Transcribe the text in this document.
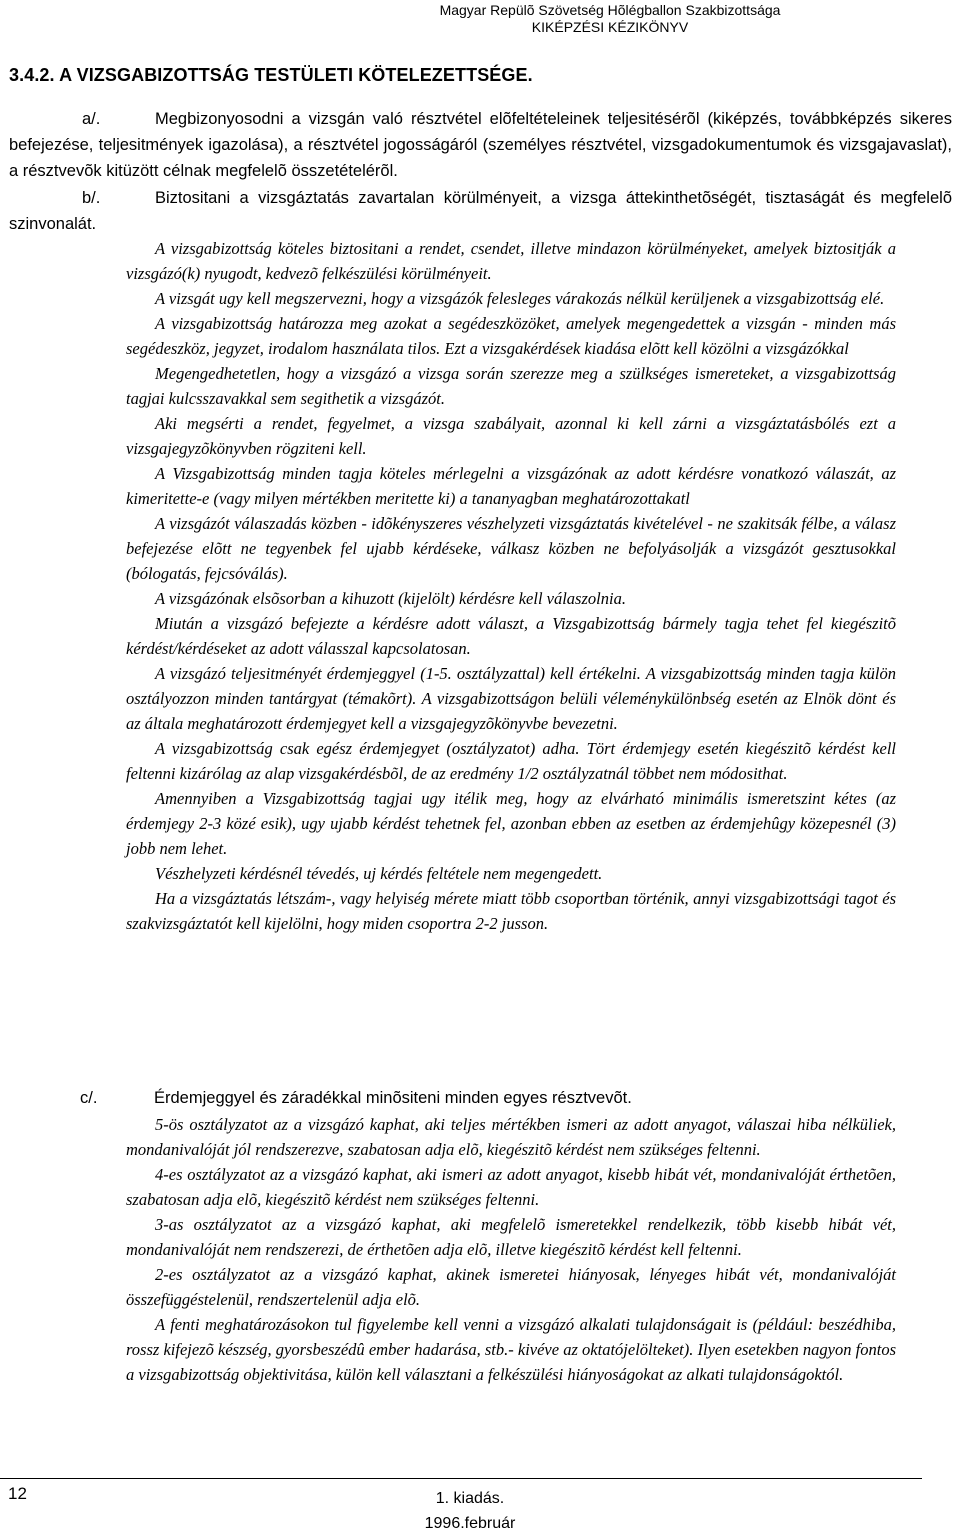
Magyar Repülõ Szövetség Hõlégballon Szakbizottsága
KIKÉPZÉSI KÉZIKÖNYV
3.4.2. A VIZSGABIZOTTSÁG TESTÜLETI KÖTELEZETTSÉGE.
a/.	Megbizonyosodni a vizsgán való résztvétel elõfeltételeinek teljesitésérõl (kiképzés, továbbképzés sikeres befejezése, teljesitmények igazolása), a résztvétel jogosságáról (személyes résztvétel, vizsgadokumentumok és vizsgajavaslat), a résztvevõk kitüzött célnak megfelelõ összetételérõl.
b/.	Biztositani a vizsgáztatás zavartalan körülményeit, a vizsga áttekinthetõségét, tisztaságát és megfelelõ szinvonalát.

A vizsgabizottság köteles biztositani a rendet, csendet, illetve mindazon körülményeket, amelyek biztositják a vizsgázó(k) nyugodt, kedvezõ felkészülési körülményeit.

A vizsgát ugy kell megszervezni, hogy a vizsgázók felesleges várakozás nélkül kerüljenek a vizsgabizottság elé.

A vizsgabizottság határozza meg azokat a segédeszközöket, amelyek megengedettek a vizsgán - minden más segédeszköz, jegyzet, irodalom használata tilos. Ezt a vizsgakérdések kiadása elõtt kell közölni a vizsgázókkal

Megengedhetetlen, hogy a vizsgázó a vizsga során szerezze meg a szülkséges ismereteket, a vizsgabizottság tagjai kulcsszavakkal sem segithetik a vizsgázót.

Aki megsérti a rendet, fegyelmet, a vizsga szabályait, azonnal ki kell zárni a vizsgáztatásbólés ezt a vizsgajegyzõkönyvben rögziteni kell.

A Vizsgabizottság minden tagja köteles mérlegelni a vizsgázónak az adott kérdésre vonatkozó válaszát, az kimeritette-e (vagy milyen mértékben meritette ki) a tananyagban meghatározottakatl

A vizsgázót válaszadás közben - idõkényszeres vészhelyzeti vizsgáztatás kivételével - ne szakitsák félbe, a válasz befejezése elõtt ne tegyenbek fel ujabb kérdéseke, válkasz közben ne befolyásolják a vizsgázót gesztusokkal (bólogatás, fejcsóválás).

A vizsgázónak elsõsorban a kihuzott (kijelölt) kérdésre kell válaszolnia.

Miután a vizsgázó befejezte a kérdésre adott választ, a Vizsgabizottság bármely tagja tehet fel kiegészitõ kérdést/kérdéseket az adott válasszal kapcsolatosan.

A vizsgázó teljesitményét érdemjeggyel (1-5. osztályzattal) kell értékelni. A vizsgabizottság minden tagja külön osztályozzon minden tantárgyat (témakõrt). A vizsgabizottságon belüli véleménykülönbség esetén az Elnök dönt és az általa meghatározott érdemjegyet kell a vizsgajegyzõkönyvbe bevezetni.

A vizsgabizottság csak egész érdemjegyet (osztályzatot) adha. Tört érdemjegy esetén kiegészitõ kérdést kell feltenni kizárólag az alap vizsgakérdésbõl, de az eredmény 1/2 osztályzatnál többet nem módosithat.

Amennyiben a Vizsgabizottság tagjai ugy itélik meg, hogy az elvárható minimális ismeretszint kétes (az érdemjegy 2-3 közé esik), ugy ujabb kérdést tehetnek fel, azonban ebben az esetben az érdemjehûgy közepesnél (3) jobb nem lehet.

Vészhelyzeti kérdésnél tévedés, uj kérdés feltétele nem megengedett.

Ha a vizsgáztatás létszám-, vagy helyiség mérete miatt több csoportban történik, annyi vizsgabizottsági tagot és szakvizsgáztatót kell kijelölni, hogy miden csoportra 2-2 jusson.

c/.	Érdemjeggyel és záradékkal minõsiteni minden egyes résztvevõt.

5-ös osztályzatot az a vizsgázó kaphat, aki teljes mértékben ismeri az adott anyagot, válaszai hiba nélküliek, mondanivalóját jól rendszerezve, szabatosan adja elõ, kiegészitõ kérdést nem szükséges feltenni.

4-es osztályzatot az a vizsgázó kaphat, aki ismeri az adott anyagot, kisebb hibát vét, mondanivalóját érthetõen, szabatosan adja elõ, kiegészitõ kérdést nem szükséges feltenni.

3-as osztályzatot az a vizsgázó kaphat, aki megfelelõ ismeretekkel rendelkezik, több kisebb hibát vét, mondanivalóját nem rendszerezi, de érthetõen adja elõ, illetve kiegészitõ kérdést kell feltenni.

2-es osztályzatot az a vizsgázó kaphat, akinek ismeretei hiányosak, lényeges hibát vét, mondanivalóját összefüggéstelenül, rendszertelenül adja elõ.

A fenti meghatározásokon tul figyelembe kell venni a vizsgázó alkalati tulajdonságait is (például: beszédhiba, rossz kifejezõ készség, gyorsbeszédû ember hadarása, stb.- kivéve az oktatójelölteket). Ilyen esetekben nagyon fontos a vizsgabizottság objektivitása, külön kell választani a felkészülési hiányoságokat az alkati tulajdonságoktól.

12	1. kiadás.
1996.február
